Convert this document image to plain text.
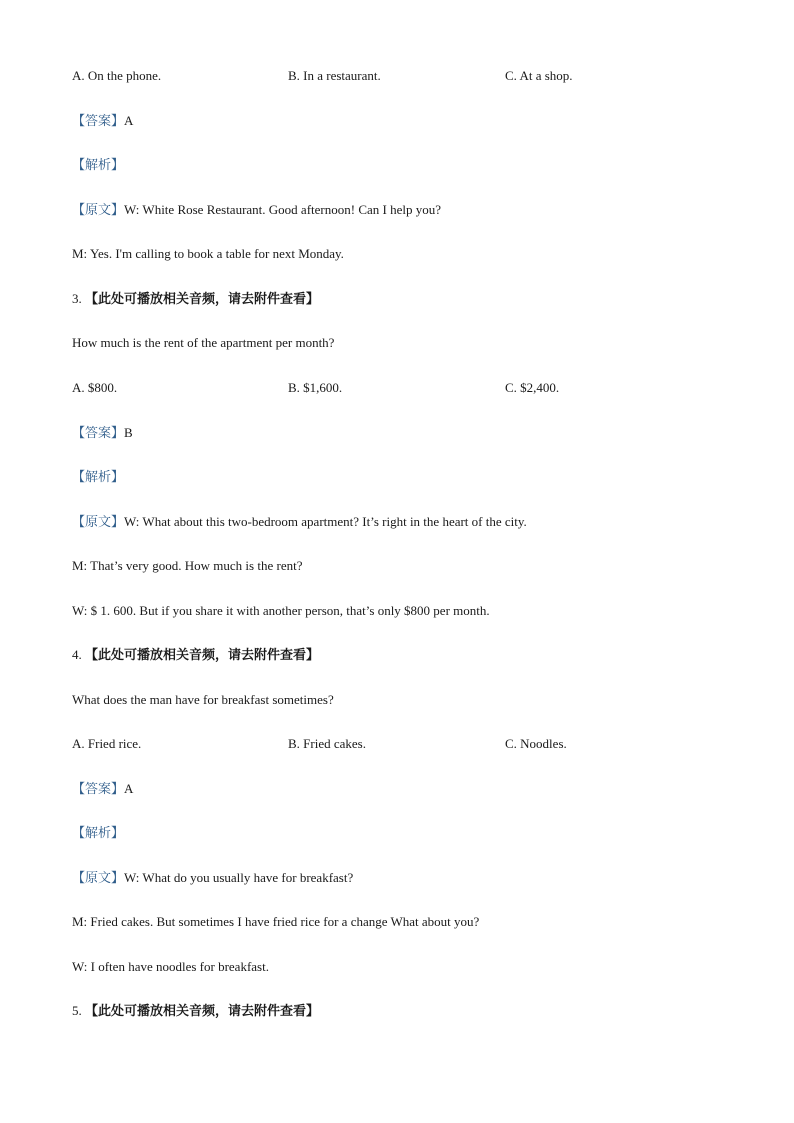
A. On the phone.	B. In a restaurant.	C. At a shop.
【答案】A
【解析】
【原文】W: White Rose Restaurant. Good afternoon! Can I help you?
M: Yes. I'm calling to book a table for next Monday.
3. 【此处可播放相关音频，请去附件查看】
How much is the rent of the apartment per month?
A. $800.	B. $1,600.	C. $2,400.
【答案】B
【解析】
【原文】W: What about this two-bedroom apartment? It’s right in the heart of the city.
M: That’s very good. How much is the rent?
W: $ 1. 600. But if you share it with another person, that’s only $800 per month.
4. 【此处可播放相关音频，请去附件查看】
What does the man have for breakfast sometimes?
A. Fried rice.	B. Fried cakes.	C. Noodles.
【答案】A
【解析】
【原文】W: What do you usually have for breakfast?
M: Fried cakes. But sometimes I have fried rice for a change What about you?
W: I often have noodles for breakfast.
5. 【此处可播放相关音频，请去附件查看】
